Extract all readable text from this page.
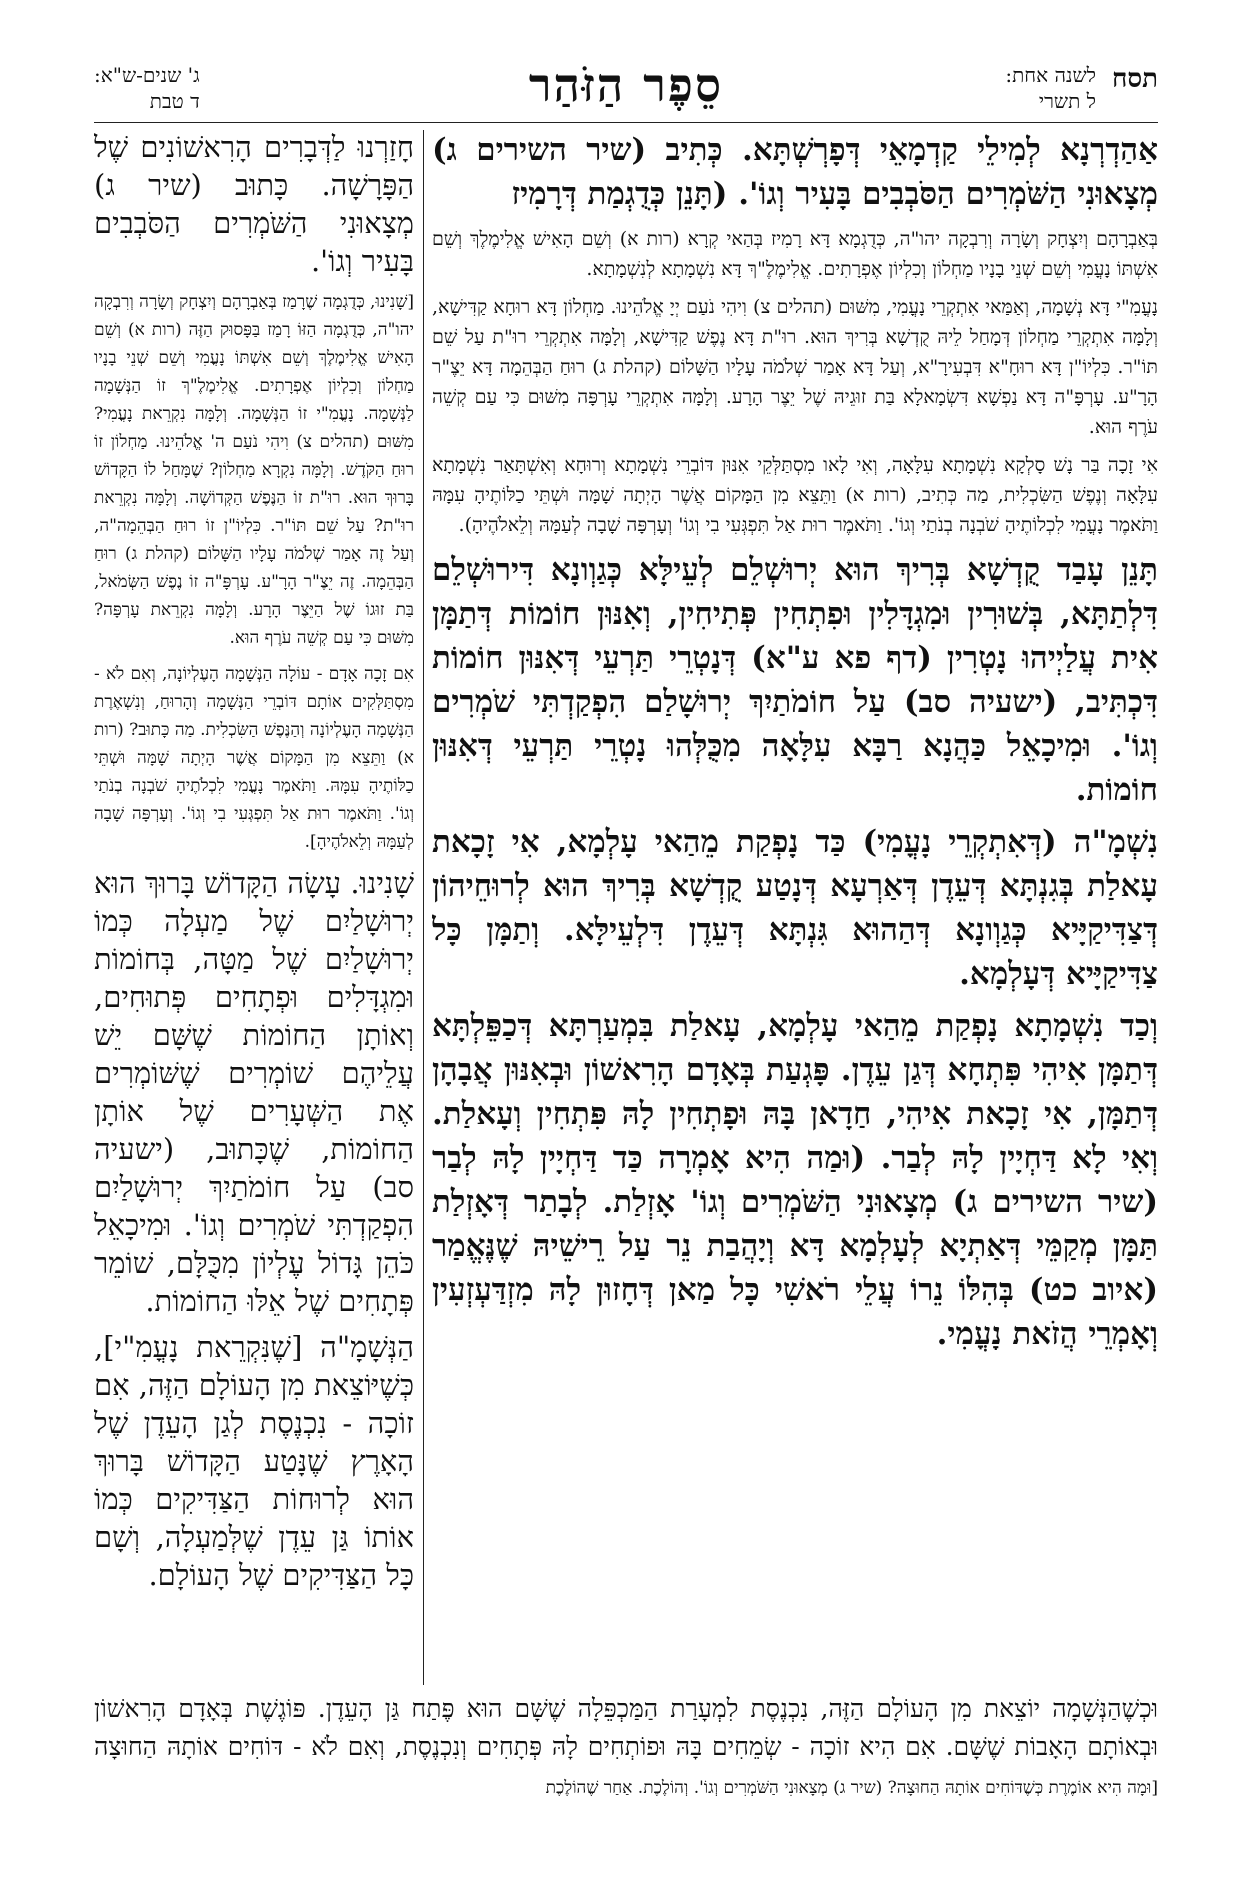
תסח
לשנה אחת:
ל תשרי
סֵפֶר הַזֹּהַר
ג' שנים-ש"א:
ד טבת

אַהַדְרְנָא לְמִילֵי קַדְמָאֵי דְּפָרְשְׁתָּא. כְּתִיב (שיר השירים ג) מְצָאוּנִי הַשֹּׁמְרִים הַסֹּבְבִים בָּעִיר וְגוֹ'. (תָּנֵן כְּדֻגְמַת דְּרָמִיז

בְּאַבְרָהָם וְיִצְחָק וְשָׂרָה וְרִבְקָה יהו"ה, כְּדֻגְמָא דָּא רָמִיז בְּהַאי קְרָא (רות א) וְשֵׁם הָאִישׁ אֱלִימֶלֶךְ וְשֵׁם אִשְׁתּוֹ נָעֳמִי וְשֵׁם שְׁנֵי בָנָיו מַחְלוֹן וְכִלְיוֹן אֶפְרָתִים. אֱלִימֶלֶ"ךְ דָּא נִשְׁמָתָא לְנִשְׁמָתָא.

נָעֳמִ"י דָּא נְשָׁמָה, וְאַמַּאי אִתְקְרֵי נָעֳמִי, מִשּׁוּם (תהלים צ) וִיהִי נֹעַם יְיָ אֱלֹהֵינוּ. מַחְלוֹן דָּא רוּחָא קַדִּישָׁא, וְלָמָּה אִתְקְרֵי מַחְלוֹן דְּמָחַל לֵיהּ קֻדְשָׁא בְּרִיךְ הוּא. רוּ"ת דָּא נֶפֶשׁ קַדִּישָׁא, וְלָמָּה אִתְקְרֵי רוּ"ת עַל שֵׁם תּוֹ"ר. כִּלְיוֹ"ן דָּא רוּחָ"א דִּבְעִירָ"א, וְעַל דָּא אָמַר שְׁלֹמֹה עָלָיו הַשָּׁלוֹם (קהלת ג) רוּחַ הַבְּהֵמָה דָּא יֵצֶ"ר הָרָ"ע. עָרְפָּ"ה דָּא נַפְשָׁא דִּשְׂמָאלָא בַּת זוּגֵיהּ שֶׁל יֵצֶר הָרָע. וְלָמָּה אִתְקְרֵי עָרְפָּה מִשּׁוּם כִּי עַם קְשֵׁה עֹרֶף הוּא.

אִי זָכָה בַּר נָשׁ סָלְקָא נִשְׁמָתָא עִלָּאָה, וְאִי לָאו מִסְתַּלְּקֵי אִנּוּן דּוֹבְרֵי נִשְׁמָתָא וְרוּחָא וְאִשְׁתָּאַר נִשְׁמָתָא עִלָּאָה וְנֶפֶשׁ הַשִּׂכְלִית, מַה כְּתִיב, (רות א) וַתֵּצֵא מִן הַמָּקוֹם אֲשֶׁר הָיְתָה שָׁמָּה וּשְׁתֵּי כַלּוֹתֶיהָ עִמָּהּ וַתֹּאמֶר נָעֳמִי לִכְלוֹתֶיהָ שֹׁבְנָה בְנֹתַי וְגוֹ'. וַתֹּאמֶר רוּת אַל תִּפְגְּעִי בִי וְגוֹ' וְעָרְפָּה שָׁבָה לְעַמָּהּ וְלֵאלֹהֶיהָ).

תָּנֵן עָבַד קֻדְשָׁא בְּרִיךְ הוּא יְרוּשְׁלֵם לְעֵילָּא כְּגַוְונָא דִּירוּשְׁלֵם דִּלְתַתָּא, בְּשׁוּרִין וּמִגְדָּלִין וּפִתְחִין פְּתִיחִין, וְאִנּוּן חוֹמוֹת דְּתַמָּן אִית עֲלַיְיהוּ נָטְרִין (דף פא ע"א) דְּנָטְרֵי תַּרְעֵי דְּאִנּוּן חוֹמוֹת דִּכְתִּיב, (ישעיה סב) עַל חוֹמֹתַיִךְ יְרוּשָׁלַם הִפְקַדְתִּי שֹׁמְרִים וְגוֹ'. וּמִיכָאֵל כַּהֲנָא רַבָּא עִלָּאָה מִכֻּלְּהוּ נָטְרֵי תַּרְעֵי דְּאִנּוּן חוֹמוֹת.

נִשְׁמָ"ה (דְּאִתְקְרֵי נָעֳמִי) כַּד נָפְקַת מֵהַאי עָלְמָא, אִי זָכָאת עָאלַת בְּגִנְתָּא דְּעֵדֶן דְּאַרְעָא דְּנָטַע קֻדְשָׁא בְּרִיךְ הוּא לְרוּחֵיהוֹן דְּצַדִּיקַיָּיא כְּגַוְונָא דְּהַהוּא גִּנְתָּא דְּעֵדֶן דִּלְעֵילָּא. וְתַמָּן כָּל צַדִּיקַיָּיא דְּעָלְמָא.

וְכַד נִשְׁמָתָא נָפְקַת מֵהַאי עָלְמָא, עָאלַת בִּמְעַרְתָּא דְּכַפֵּלְתָּא דְּתַמָּן אִיהִי פִּתְחָא דְּגַן עֵדֶן. פָּגְעַת בְּאָדָם הָרִאשׁוֹן וּבְאִנּוּן אֲבָהָן דְּתַמָּן, אִי זָכָאת אִיהִי, חַדָאן בָּהּ וּפָתְחִין לָהּ פִּתְחִין וְעָאלַת. וְאִי לָא דַּחְיָין לָהּ לְבַר. (וּמַה הִיא אָמְרָה כַּד דַּחְיָין לָהּ לְבַר (שיר השירים ג) מְצָאוּנִי הַשֹּׁמְרִים וְגוֹ' אָזְלַת. לְבָתַר דְּאָזְלַת תַּמָּן מְקַמֵּי דְּאַתְיָא לְעָלְמָא דָּא וְיָהֲבַת נֵר עַל רֵישֵׁיהּ שֶׁנֶּאֱמַר (איוב כט) בְּהִלּוֹ נֵרוֹ עֲלֵי רֹאשִׁי כָּל מַאן דְּחָזוּן לָהּ מִזְדַּעְזְעִין וְאָמְרֵי הֲזֹאת נָעֳמִי.

חָזַרְנוּ לַדְּבָרִים הָרִאשׁוֹנִים שֶׁל הַפָּרָשָׁה. כָּתוּב (שיר ג) מְצָאוּנִי הַשֹּׁמְרִים הַסֹּבְבִים בָּעִיר וְגוֹ'.

[שָׁנִינוּ, כְּדֻגְמָה שֶׁרָמַז בְּאַבְרָהָם וְיִצְחָק וְשָׂרָה וְרִבְקָה יהו"ה, כְּדֻגְמָה הַזּוֹ רָמַז בַּפָּסוּק הַזֶּה (רות א) וְשֵׁם הָאִישׁ אֱלִימֶלֶךְ וְשֵׁם אִשְׁתּוֹ נָעֳמִי וְשֵׁם שְׁנֵי בָנָיו מַחְלוֹן וְכִלְיוֹן אֶפְרָתִים. אֱלִימֶלֶ"ךְ זוֹ הַנְּשָׁמָה לַנְּשָׁמָה. נָעֳמִ"י זוֹ הַנְּשָׁמָה. וְלָמָּה נִקְרֵאת נָעֳמִי? מִשּׁוּם (תהלים צ) וִיהִי נֹעַם ה' אֱלֹהֵינוּ. מַחְלוֹן זוֹ רוּחַ הַקֹּדֶשׁ. וְלָמָּה נִקְרָא מַחְלוֹן? שֶׁמָּחַל לוֹ הַקָּדוֹשׁ בָּרוּךְ הוּא. רוּ"ת זוֹ הַנֶּפֶשׁ הַקְּדוֹשָׁה. וְלָמָּה נִקְרֵאת רוּ"ת? עַל שֵׁם תּוֹ"ר. כִּלְיוֹ"ן זוֹ רוּחַ הַבְּהֵמָה"ה, וְעַל זֶה אָמַר שְׁלֹמֹה עָלָיו הַשָּׁלוֹם (קהלת ג) רוּחַ הַבְּהֵמָה. זֶה יֵצֶ"ר הָרָ"ע. עָרְפָּ"ה זוֹ נֶפֶשׁ הַשְּׂמֹאל, בַּת זוּגוֹ שֶׁל הַיֵּצֶר הָרָע. וְלָמָּה נִקְרֵאת עָרְפָּה? מִשּׁוּם כִּי עַם קְשֵׁה עֹרֶף הוּא.

אִם זָכָה אָדָם - עוֹלָה הַנְּשָׁמָה הָעֶלְיוֹנָה, וְאִם לֹא - מִסְתַּלְּקִים אוֹתָם דּוֹבְרֵי הַנְּשָׁמָה וְהָרוּחַ, וְנִשְׁאֶרֶת הַנְּשָׁמָה הָעֶלְיוֹנָה וְהַנֶּפֶשׁ הַשִּׂכְלִית. מַה כָּתוּב? (רות א) וַתֵּצֵא מִן הַמָּקוֹם אֲשֶׁר הָיְתָה שָׁמָּה וּשְׁתֵּי כַלּוֹתֶיהָ עִמָּהּ. וַתֹּאמֶר נָעֳמִי לִכְלֹתֶיהָ שֹׁבְנָה בְנֹתַי וְגוֹ'. וַתֹּאמֶר רוּת אַל תִּפְגְּעִי בִי וְגוֹ'. וְעָרְפָּה שָׁבָה לְעַמָּהּ וְלֵאלֹהֶיהָ].

שָׁנִינוּ. עָשָׂה הַקָּדוֹשׁ בָּרוּךְ הוּא יְרוּשָׁלַיִם שֶׁל מַעְלָה כְּמוֹ יְרוּשָׁלַיִם שֶׁל מַטָּה, בְּחוֹמוֹת וּמִגְדָּלִים וּפְתָחִים פְּתוּחִים, וְאוֹתָן הַחוֹמוֹת שֶׁשָּׁם יֵשׁ עֲלֵיהֶם שׁוֹמְרִים שֶׁשּׁוֹמְרִים אֶת הַשְּׁעָרִים שֶׁל אוֹתָן הַחוֹמוֹת, שֶׁכָּתוּב, (ישעיה סב) עַל חוֹמֹתַיִךְ יְרוּשָׁלַיִם הִפְקַדְתִּי שֹׁמְרִים וְגוֹ'. וּמִיכָאֵל כֹּהֵן גָּדוֹל עֶלְיוֹן מִכֻּלָּם, שׁוֹמֵר פְּתָחִים שֶׁל אֵלּוּ הַחוֹמוֹת.

הַנְּשָׁמָ"ה [שֶׁנִּקְרֵאת נָעֳמִ"י], כְּשֶׁיּוֹצֵאת מִן הָעוֹלָם הַזֶּה, אִם זוֹכָה - נִכְנֶסֶת לְגַן הָעֵדֶן שֶׁל הָאָרֶץ שֶׁנָּטַע הַקָּדוֹשׁ בָּרוּךְ הוּא לְרוּחוֹת הַצַּדִּיקִים כְּמוֹ אוֹתוֹ גַּן עֵדֶן שֶׁלְּמַעְלָה, וְשָׁם כָּל הַצַּדִּיקִים שֶׁל הָעוֹלָם.

וּכְשֶׁהַנְּשָׁמָה יוֹצֵאת מִן הָעוֹלָם הַזֶּה, נִכְנֶסֶת לִמְעָרַת הַמַּכְפֵּלָה שֶׁשָּׁם הוּא פֶּתַח גַּן הָעֵדֶן. פּוֹגֶשֶׁת בְּאָדָם הָרִאשׁוֹן וּבְאוֹתָם הָאָבוֹת שֶׁשָּׁם. אִם הִיא זוֹכָה - שְׂמֵחִים בָּהּ וּפוֹתְחִים לָהּ פְּתָחִים וְנִכְנֶסֶת, וְאִם לֹא - דּוֹחִים אוֹתָהּ הַחוּצָה [וּמָה הִיא אוֹמֶרֶת כְּשֶׁדּוֹחִים אוֹתָהּ הַחוּצָה? (שיר ג) מְצָאוּנִי הַשֹּׁמְרִים וְגוֹ'. וְהוֹלֶכֶת. אַחַר שֶׁהוֹלֶכֶת
